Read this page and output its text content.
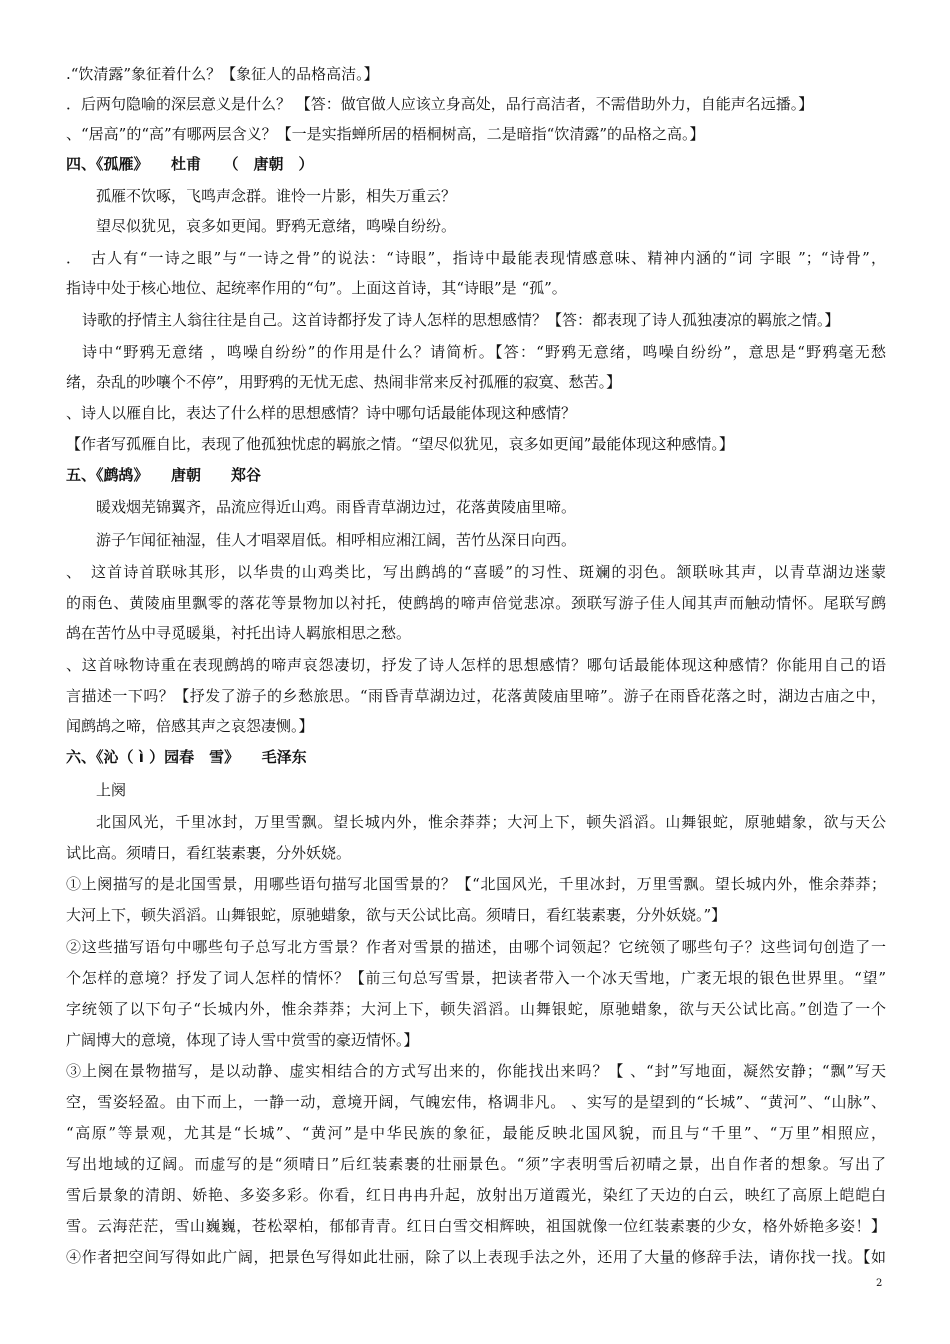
.“饮清露”象征着什么？【象征人的品格高洁。】
．后两句隐喻的深层意义是什么？ 【答：做官做人应该立身高处，品行高洁者，不需借助外力，自能声名远播。】
、“居高”的“高”有哪两层含义？【一是实指蝉所居的梧桐树高，二是暗指“饮清露”的品格之高。】
四、《孤雁》　　杜甫　　（　唐朝　）
孤雁不饮啄，飞鸣声念群。谁怜一片影，相失万重云？
望尽似犹见，哀多如更闻。野鸦无意绪，鸣噪自纷纷。
．　古人有“一诗之眼”与“一诗之骨”的说法：“诗眼”，指诗中最能表现情感意味、精神内涵的“词 字眼 ”；“诗骨”，
指诗中处于核心地位、起统率作用的“句”。上面这首诗，其“诗眼”是 “孤”。
诗歌的抒情主人翁往往是自己。这首诗都抒发了诗人怎样的思想感情？【答：都表现了诗人孤独凄凉的羁旅之情。】
诗中“野鸦无意绪 ，鸣噪自纷纷”的作用是什么？请简析。【答：“野鸦无意绪，鸣噪自纷纷”，意思是“野鸦毫无愁
绪，杂乱的吵嚷个不停”，用野鸦的无忧无虑、热闹非常来反衬孤雁的寂寞、愁苦。】
、诗人以雁自比，表达了什么样的思想感情？诗中哪句话最能体现这种感情？
【作者写孤雁自比，表现了他孤独忧虑的羁旅之情。“望尽似犹见，哀多如更闻”最能体现这种感情。】
五、《鹧鸪》　　唐朝　　郑谷
暖戏烟芜锦翼齐，品流应得近山鸡。雨昏青草湖边过，花落黄陵庙里啼。
游子乍闻征袖湿，佳人才唱翠眉低。相呼相应湘江阔，苦竹丛深日向西。
、　这首诗首联咏其形，以华贵的山鸡类比，写出鹧鸪的“喜暖”的习性、斑斓的羽色。颔联咏其声，以青草湖边迷蒙
的雨色、黄陵庙里飘零的落花等景物加以衬托，使鹧鸪的啼声倍觉悲凉。颈联写游子佳人闻其声而触动情怀。尾联写鹧
鸪在苦竹丛中寻觅暖巢，衬托出诗人羁旅相思之愁。
、这首咏物诗重在表现鹧鸪的啼声哀怨凄切，抒发了诗人怎样的思想感情？哪句话最能体现这种感情？你能用自己的语
言描述一下吗？【抒发了游子的乡愁旅思。“雨昏青草湖边过，花落黄陵庙里啼”。游子在雨昏花落之时，湖边古庙之中，
闻鹧鸪之啼，倍感其声之哀怨凄恻。】
六、《沁（ ì ）园春　雪》　　毛泽东
上阕
北国风光，千里冰封，万里雪飘。望长城内外，惟余莽莽；大河上下，顿失滔滔。山舞银蛇，原驰蜡象，欲与天公
试比高。须晴日，看红装素裹，分外妖娆。
①上阕描写的是北国雪景，用哪些语句描写北国雪景的？【“北国风光，千里冰封，万里雪飘。望长城内外，惟余莽莽；
大河上下，顿失滔滔。山舞银蛇，原驰蜡象，欲与天公试比高。须晴日，看红装素裹，分外妖娆。”】
②这些描写语句中哪些句子总写北方雪景？作者对雪景的描述，由哪个词领起？它统领了哪些句子？这些词句创造了一
个怎样的意境？抒发了词人怎样的情怀？【前三句总写雪景，把读者带入一个冰天雪地，广袤无垠的银色世界里。“望”
字统领了以下句子“长城内外，惟余莽莽；大河上下，顿失滔滔。山舞银蛇，原驰蜡象，欲与天公试比高。”创造了一个
广阔博大的意境，体现了诗人雪中赏雪的豪迈情怀。】
③上阕在景物描写，是以动静、虚实相结合的方式写出来的，你能找出来吗？【 、“封”写地面，凝然安静；“飘”写天
空，雪姿轻盈。由下而上，一静一动，意境开阔，气魄宏伟，格调非凡。 、实写的是望到的“长城”、“黄河”、“山脉”、
“高原”等景观，尤其是“长城”、“黄河”是中华民族的象征，最能反映北国风貌，而且与“千里”、“万里”相照应，
写出地域的辽阔。而虚写的是“须晴日”后红装素裹的壮丽景色。“须”字表明雪后初晴之景，出自作者的想象。写出了
雪后景象的清朗、娇艳、多姿多彩。你看，红日冉冉升起，放射出万道霞光，染红了天边的白云，映红了高原上皑皑白
雪。云海茫茫，雪山巍巍，苍松翠柏，郁郁青青。红日白雪交相辉映，祖国就像一位红装素裹的少女，格外娇艳多姿！】
④作者把空间写得如此广阔，把景色写得如此壮丽，除了以上表现手法之外，还用了大量的修辞手法，请你找一找。【如
2
